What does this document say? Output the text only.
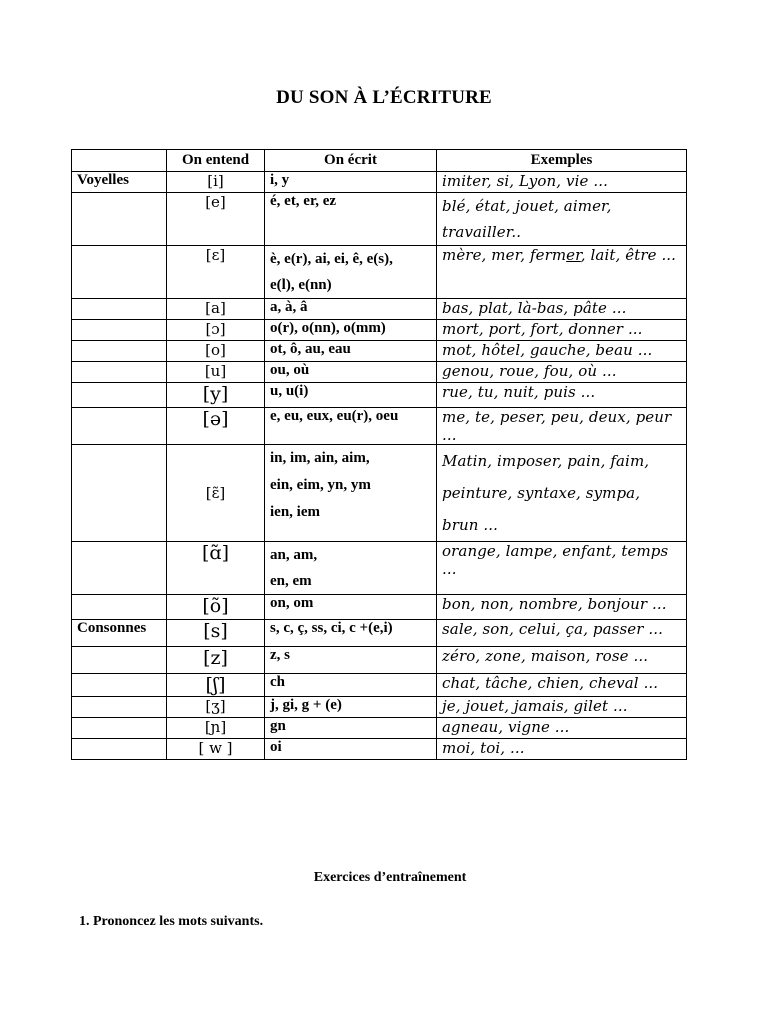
DU SON À L’ÉCRITURE
	On entend	On écrit	Exemples
Voyelles	[i]	i, y	imiter, si, Lyon, vie ...

	[e]	é, et, er, ez	blé, état, jouet, aimer,
travailler..

	[ɛ]	è, e(r), ai, ei, ê, e(s),
e(l), e(nn)	mère, mer, fermer, lait, être ...

	[a]	a, à, â	bas, plat, là-bas, pâte ...

	[ɔ]	o(r), o(nn), o(mm)	mort, port, fort, donner ...

	[o]	ot, ô, au, eau	mot, hôtel, gauche, beau ...

	[u]	ou, où	genou, roue, fou, où ...

	[y]	u, u(i)	rue, tu, nuit, puis ...

	[ə]	e, eu, eux, eu(r), oeu	me, te, peser, peu, deux, peur ...

	[ɛ̃]	in, im, ain, aim,
ein, eim, yn, ym
ien, iem	Matin, imposer, pain, faim,
peinture, syntaxe, sympa, brun ...

	[ɑ̃]	an, am,
en, em	orange, lampe, enfant, temps ...

	[õ]	on, om	bon, non, nombre, bonjour ...

Consonnes	[s]	s, c, ç, ss, ci, c +(e,i)	sale, son, celui, ça, passer ...

	[z]	z, s	zéro, zone, maison, rose ...

	[ʃ]	ch	chat, tâche, chien, cheval ...

	[ʒ]	j, gi, g + (e)	je, jouet, jamais, gilet ...

	[ɲ]	gn	agneau, vigne ...

	[ w ]	oi	moi, toi, ...
Exercices d’entraînement
1. Prononcez les mots suivants.
